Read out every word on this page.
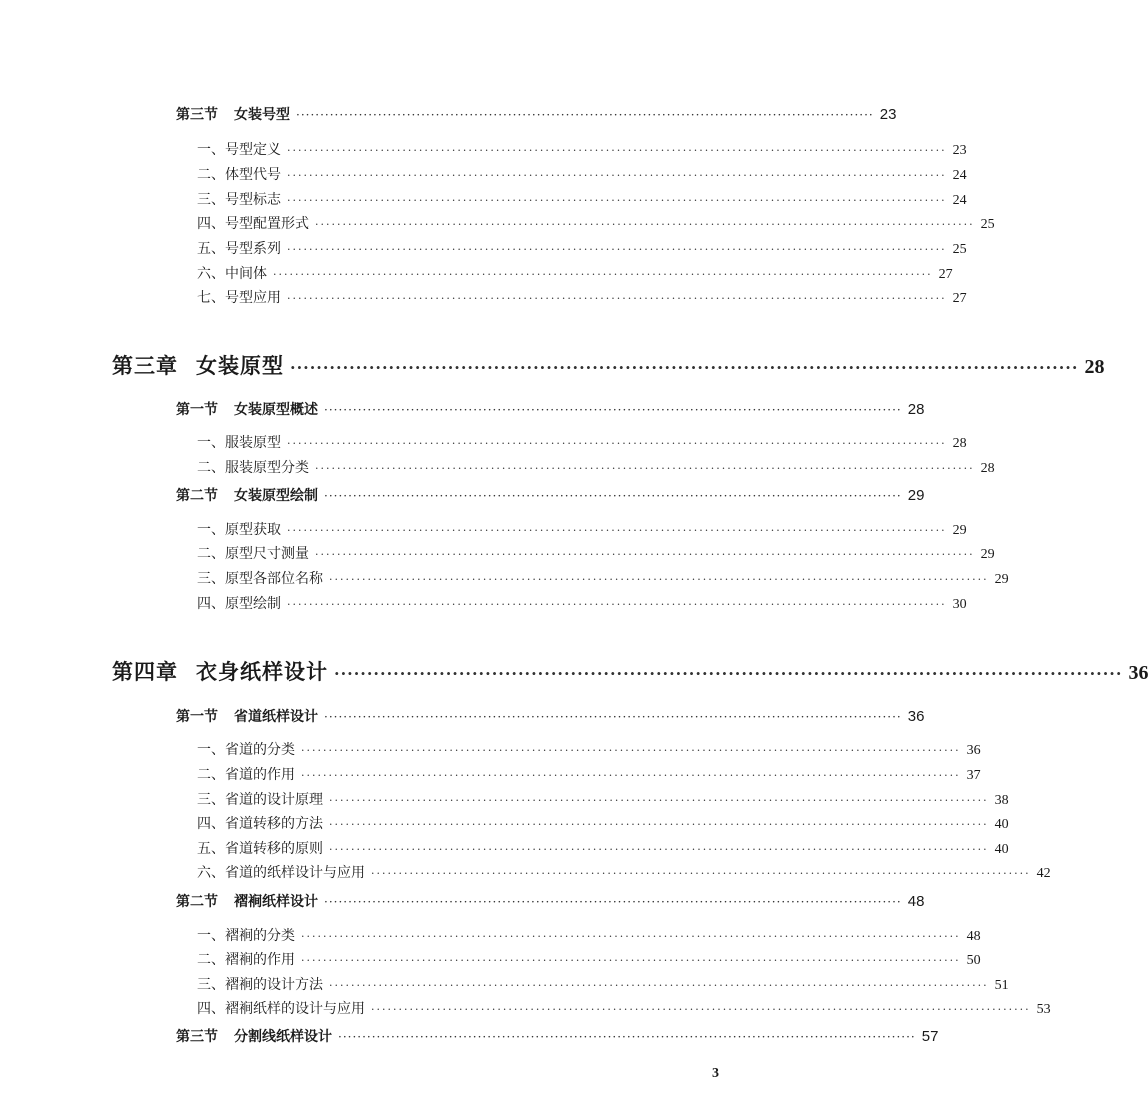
第三节 女装号型 ························································································································ 23
一、号型定义 ························································································································ 23
二、体型代号 ························································································································ 24
三、号型标志 ························································································································ 24
四、号型配置形式 ························································································································ 25
五、号型系列 ························································································································ 25
六、中间体 ························································································································ 27
七、号型应用 ························································································································ 27
第三章 女装原型 ························································································································ 28
第一节 女装原型概述 ························································································································ 28
一、服装原型 ························································································································ 28
二、服装原型分类 ························································································································ 28
第二节 女装原型绘制 ························································································································ 29
一、原型获取 ························································································································ 29
二、原型尺寸测量 ························································································································ 29
三、原型各部位名称 ························································································································ 29
四、原型绘制 ························································································································ 30
第四章 衣身纸样设计 ························································································································ 36
第一节 省道纸样设计 ························································································································ 36
一、省道的分类 ························································································································ 36
二、省道的作用 ························································································································ 37
三、省道的设计原理 ························································································································ 38
四、省道转移的方法 ························································································································ 40
五、省道转移的原则 ························································································································ 40
六、省道的纸样设计与应用 ························································································································ 42
第二节 褶裥纸样设计 ························································································································ 48
一、褶裥的分类 ························································································································ 48
二、褶裥的作用 ························································································································ 50
三、褶裥的设计方法 ························································································································ 51
四、褶裥纸样的设计与应用 ························································································································ 53
第三节 分割线纸样设计 ························································································································ 57
3
